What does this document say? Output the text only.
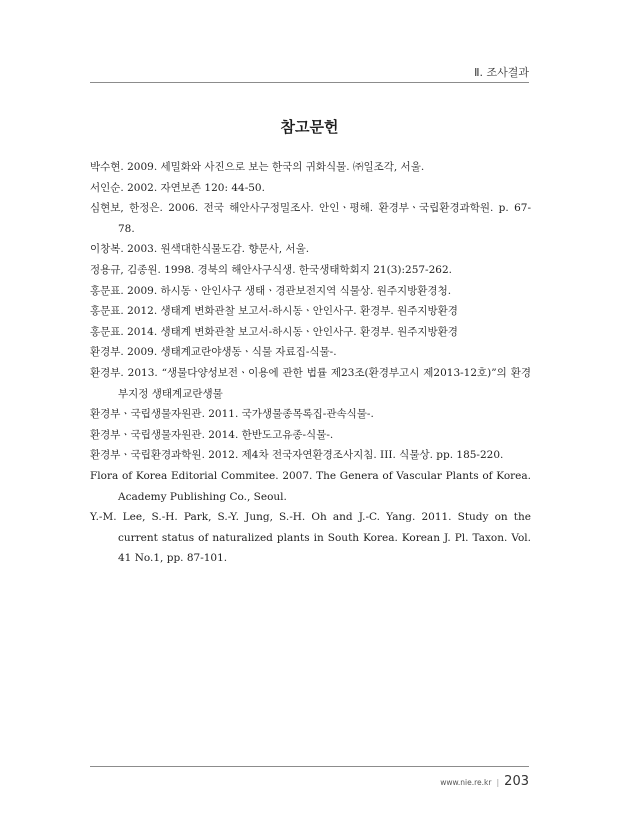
Ⅱ. 조사결과
참고문헌
박수현. 2009. 세밀화와 사진으로 보는 한국의 귀화식물. ㈜일조각, 서울.
서인순. 2002. 자연보존 120: 44-50.
심현보, 한정은. 2006. 전국 해안사구정밀조사. 안인ㆍ평해. 환경부ㆍ국립환경과학원. p. 67-78.
이창복. 2003. 원색대한식물도감. 향문사, 서울.
정용규, 김종원. 1998. 경북의 해안사구식생. 한국생태학회지 21(3):257-262.
홍문표. 2009. 하시동ㆍ안인사구 생태ㆍ경관보전지역 식물상. 원주지방환경청.
홍문표. 2012. 생태계 변화관찰 보고서-하시동ㆍ안인사구. 환경부. 원주지방환경
홍문표. 2014. 생태계 변화관찰 보고서-하시동ㆍ안인사구. 환경부. 원주지방환경
환경부. 2009. 생태계교란야생동ㆍ식물 자료집-식물-.
환경부. 2013. “생물다양성보전ㆍ이용에 관한 법률 제23조(환경부고시 제2013-12호)”의 환경부지정 생태계교란생물
환경부ㆍ국립생물자원관. 2011. 국가생물종목록집-관속식물-.
환경부ㆍ국립생물자원관. 2014. 한반도고유종-식물-.
환경부ㆍ국립환경과학원. 2012. 제4차 전국자연환경조사지침. III. 식물상. pp. 185-220.
Flora of Korea Editorial Commitee. 2007. The Genera of Vascular Plants of Korea. Academy Publishing Co., Seoul.
Y.-M. Lee, S.-H. Park, S.-Y. Jung, S.-H. Oh and J.-C. Yang. 2011. Study on the current status of naturalized plants in South Korea. Korean J. Pl. Taxon. Vol. 41 No.1, pp. 87-101.
www.nie.re.kr | 203
